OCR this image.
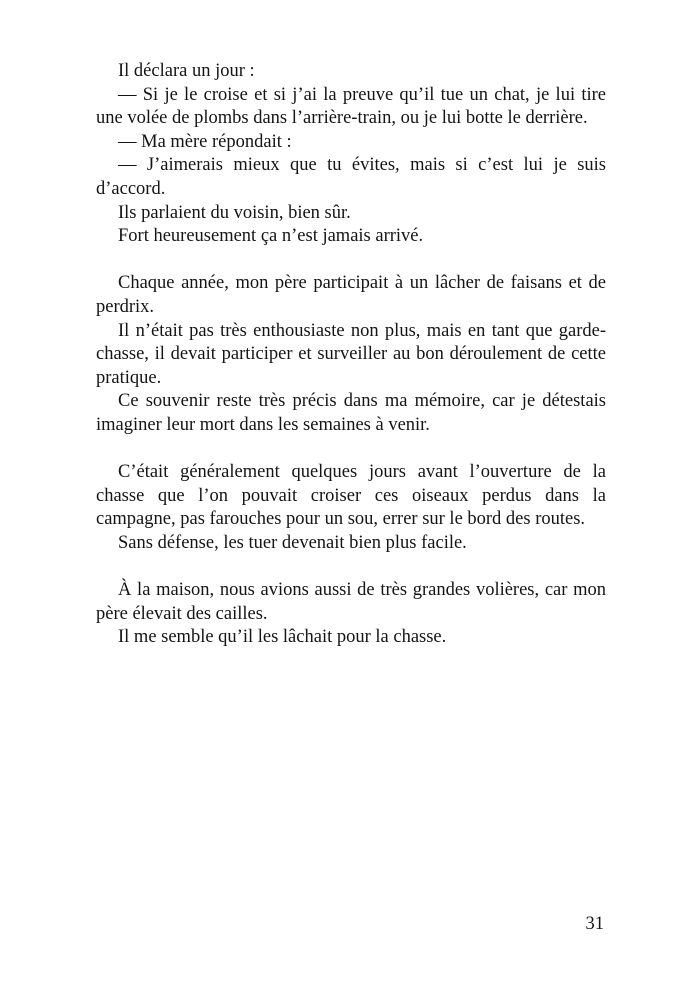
Il déclara un jour :

— Si je le croise et si j’ai la preuve qu’il tue un chat, je lui tire une volée de plombs dans l’arrière-train, ou je lui botte le derrière.

— Ma mère répondait :

— J’aimerais mieux que tu évites, mais si c’est lui je suis d’accord.

Ils parlaient du voisin, bien sûr.

Fort heureusement ça n’est jamais arrivé.

Chaque année, mon père participait à un lâcher de faisans et de perdrix.

Il n’était pas très enthousiaste non plus, mais en tant que garde-chasse, il devait participer et surveiller au bon déroulement de cette pratique.

Ce souvenir reste très précis dans ma mémoire, car je détestais imaginer leur mort dans les semaines à venir.

C’était généralement quelques jours avant l’ouverture de la chasse que l’on pouvait croiser ces oiseaux perdus dans la campagne, pas farouches pour un sou, errer sur le bord des routes.

Sans défense, les tuer devenait bien plus facile.

À la maison, nous avions aussi de très grandes volières, car mon père élevait des cailles.

Il me semble qu’il les lâchait pour la chasse.

31
